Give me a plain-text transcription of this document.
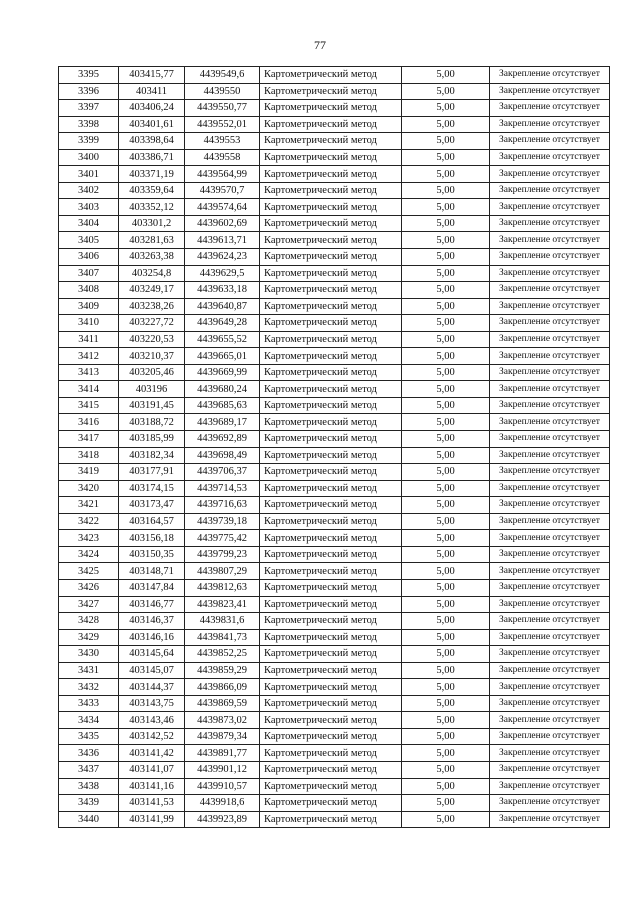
77
3395	403415,77	4439549,6	Картометрический метод	5,00	Закрепление отсутствует
3396	403411	4439550	Картометрический метод	5,00	Закрепление отсутствует
3397	403406,24	4439550,77	Картометрический метод	5,00	Закрепление отсутствует
3398	403401,61	4439552,01	Картометрический метод	5,00	Закрепление отсутствует
3399	403398,64	4439553	Картометрический метод	5,00	Закрепление отсутствует
3400	403386,71	4439558	Картометрический метод	5,00	Закрепление отсутствует
3401	403371,19	4439564,99	Картометрический метод	5,00	Закрепление отсутствует
3402	403359,64	4439570,7	Картометрический метод	5,00	Закрепление отсутствует
3403	403352,12	4439574,64	Картометрический метод	5,00	Закрепление отсутствует
3404	403301,2	4439602,69	Картометрический метод	5,00	Закрепление отсутствует
3405	403281,63	4439613,71	Картометрический метод	5,00	Закрепление отсутствует
3406	403263,38	4439624,23	Картометрический метод	5,00	Закрепление отсутствует
3407	403254,8	4439629,5	Картометрический метод	5,00	Закрепление отсутствует
3408	403249,17	4439633,18	Картометрический метод	5,00	Закрепление отсутствует
3409	403238,26	4439640,87	Картометрический метод	5,00	Закрепление отсутствует
3410	403227,72	4439649,28	Картометрический метод	5,00	Закрепление отсутствует
3411	403220,53	4439655,52	Картометрический метод	5,00	Закрепление отсутствует
3412	403210,37	4439665,01	Картометрический метод	5,00	Закрепление отсутствует
3413	403205,46	4439669,99	Картометрический метод	5,00	Закрепление отсутствует
3414	403196	4439680,24	Картометрический метод	5,00	Закрепление отсутствует
3415	403191,45	4439685,63	Картометрический метод	5,00	Закрепление отсутствует
3416	403188,72	4439689,17	Картометрический метод	5,00	Закрепление отсутствует
3417	403185,99	4439692,89	Картометрический метод	5,00	Закрепление отсутствует
3418	403182,34	4439698,49	Картометрический метод	5,00	Закрепление отсутствует
3419	403177,91	4439706,37	Картометрический метод	5,00	Закрепление отсутствует
3420	403174,15	4439714,53	Картометрический метод	5,00	Закрепление отсутствует
3421	403173,47	4439716,63	Картометрический метод	5,00	Закрепление отсутствует
3422	403164,57	4439739,18	Картометрический метод	5,00	Закрепление отсутствует
3423	403156,18	4439775,42	Картометрический метод	5,00	Закрепление отсутствует
3424	403150,35	4439799,23	Картометрический метод	5,00	Закрепление отсутствует
3425	403148,71	4439807,29	Картометрический метод	5,00	Закрепление отсутствует
3426	403147,84	4439812,63	Картометрический метод	5,00	Закрепление отсутствует
3427	403146,77	4439823,41	Картометрический метод	5,00	Закрепление отсутствует
3428	403146,37	4439831,6	Картометрический метод	5,00	Закрепление отсутствует
3429	403146,16	4439841,73	Картометрический метод	5,00	Закрепление отсутствует
3430	403145,64	4439852,25	Картометрический метод	5,00	Закрепление отсутствует
3431	403145,07	4439859,29	Картометрический метод	5,00	Закрепление отсутствует
3432	403144,37	4439866,09	Картометрический метод	5,00	Закрепление отсутствует
3433	403143,75	4439869,59	Картометрический метод	5,00	Закрепление отсутствует
3434	403143,46	4439873,02	Картометрический метод	5,00	Закрепление отсутствует
3435	403142,52	4439879,34	Картометрический метод	5,00	Закрепление отсутствует
3436	403141,42	4439891,77	Картометрический метод	5,00	Закрепление отсутствует
3437	403141,07	4439901,12	Картометрический метод	5,00	Закрепление отсутствует
3438	403141,16	4439910,57	Картометрический метод	5,00	Закрепление отсутствует
3439	403141,53	4439918,6	Картометрический метод	5,00	Закрепление отсутствует
3440	403141,99	4439923,89	Картометрический метод	5,00	Закрепление отсутствует
